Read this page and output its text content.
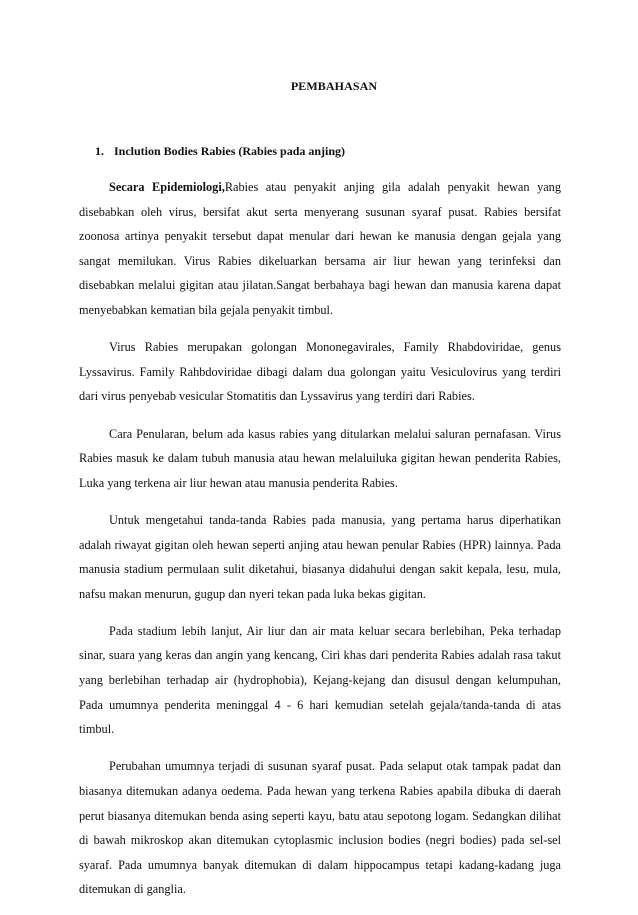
PEMBAHASAN
1. Inclution Bodies Rabies (Rabies pada anjing)

Secara Epidemiologi,Rabies atau penyakit anjing gila adalah penyakit hewan yang disebabkan oleh virus, bersifat akut serta menyerang susunan syaraf pusat. Rabies bersifat zoonosa artinya penyakit tersebut dapat menular dari hewan ke manusia dengan gejala yang sangat memilukan. Virus Rabies dikeluarkan bersama air liur hewan yang terinfeksi dan disebabkan melalui gigitan atau jilatan.Sangat berbahaya bagi hewan dan manusia karena dapat menyebabkan kematian bila gejala penyakit timbul.

Virus Rabies merupakan golongan Mononegavirales, Family Rhabdoviridae, genus Lyssavirus. Family Rahbdoviridae dibagi dalam dua golongan yaitu Vesiculovirus yang terdiri dari virus penyebab vesicular Stomatitis dan Lyssavirus yang terdiri dari Rabies.

Cara Penularan, belum ada kasus rabies yang ditularkan melalui saluran pernafasan. Virus Rabies masuk ke dalam tubuh manusia atau hewan melaluiluka gigitan hewan penderita Rabies, Luka yang terkena air liur hewan atau manusia penderita Rabies.

Untuk mengetahui tanda-tanda Rabies pada manusia, yang pertama harus diperhatikan adalah riwayat gigitan oleh hewan seperti anjing atau hewan penular Rabies (HPR) lainnya. Pada manusia stadium permulaan sulit diketahui, biasanya didahului dengan sakit kepala, lesu, mula, nafsu makan menurun, gugup dan nyeri tekan pada luka bekas gigitan.

Pada stadium lebih lanjut, Air liur dan air mata keluar secara berlebihan, Peka terhadap sinar, suara yang keras dan angin yang kencang, Ciri khas dari penderita Rabies adalah rasa takut yang berlebihan terhadap air (hydrophobia), Kejang-kejang dan disusul dengan kelumpuhan, Pada umumnya penderita meninggal 4 - 6 hari kemudian setelah gejala/tanda-tanda di atas timbul.

Perubahan umumnya terjadi di susunan syaraf pusat. Pada selaput otak tampak padat dan biasanya ditemukan adanya oedema. Pada hewan yang terkena Rabies apabila dibuka di daerah perut biasanya ditemukan benda asing seperti kayu, batu atau sepotong logam. Sedangkan dilihat di bawah mikroskop akan ditemukan cytoplasmic inclusion bodies (negri bodies) pada sel-sel syaraf. Pada umumnya banyak ditemukan di dalam hippocampus tetapi kadang-kadang juga ditemukan di ganglia.
